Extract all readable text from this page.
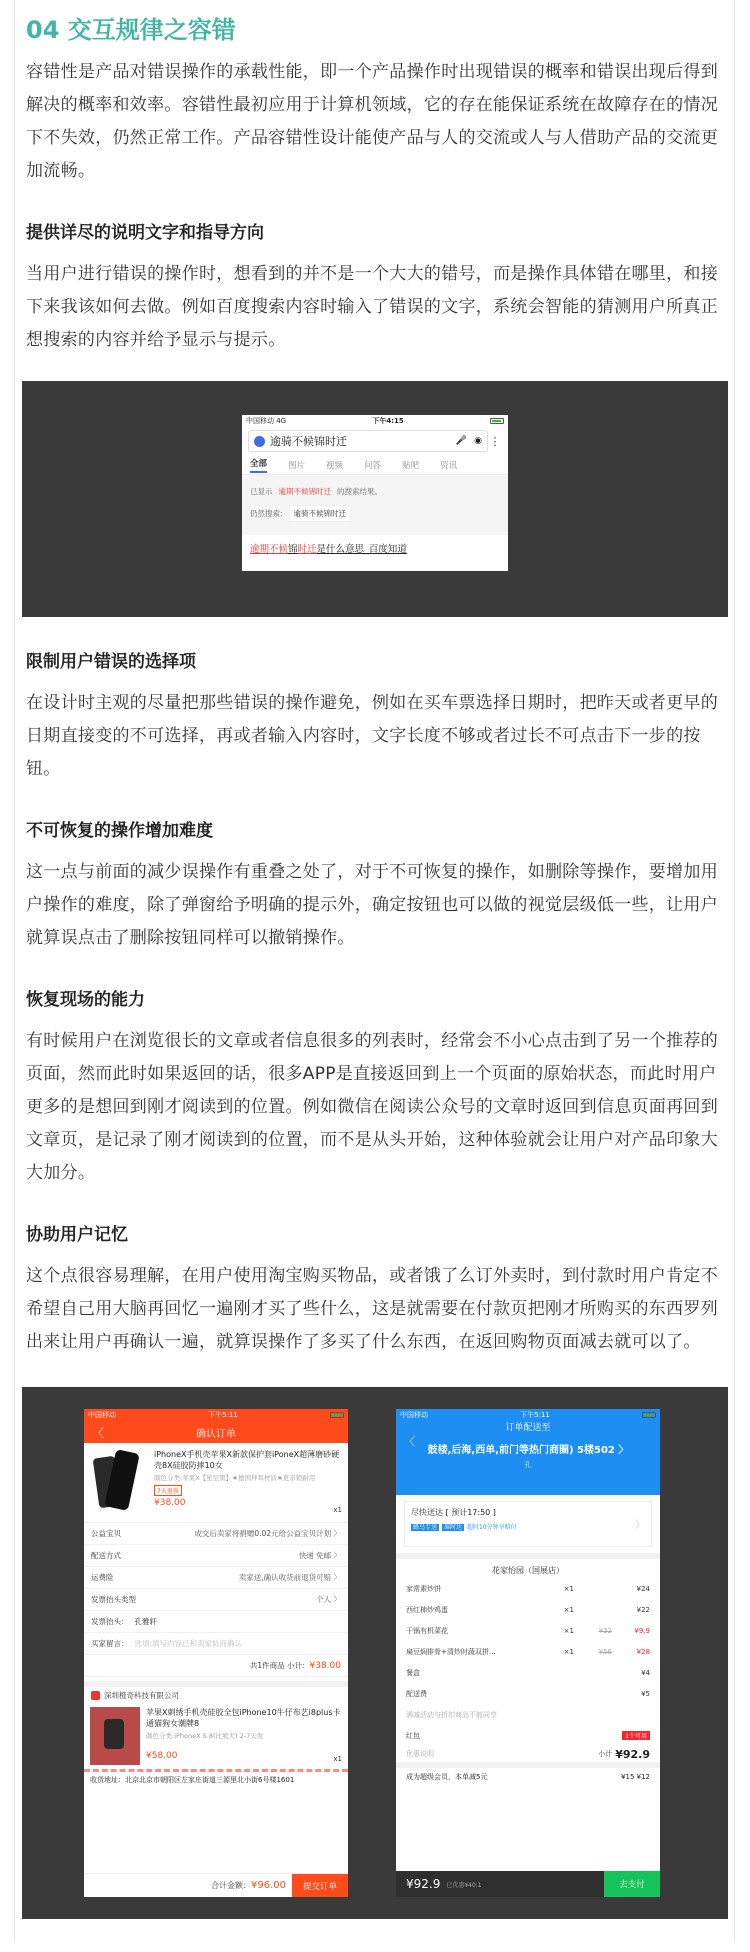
04 交互规律之容错

容错性是产品对错误操作的承载性能，即一个产品操作时出现错误的概率和错误出现后得到解决的概率和效率。容错性最初应用于计算机领域，它的存在能保证系统在故障存在的情况下不失效，仍然正常工作。产品容错性设计能使产品与人的交流或人与人借助产品的交流更加流畅。

提供详尽的说明文字和指导方向

当用户进行错误的操作时，想看到的并不是一个大大的错号，而是操作具体错在哪里，和接下来我该如何去做。例如百度搜索内容时输入了错误的文字，系统会智能的猜测用户所真正想搜索的内容并给予显示与提示。

中国移动 4G	下午4:15
逾骑不候锦时迁	🎤 ◉ ⋮
全部 图片 视频 问答 贴吧 资讯
已显示 逾期不候锦时迁 的搜索结果。
仍然搜索:	逾骑不候锦时迁
逾期不候锦时迁是什么意思_百度知道
限制用户错误的选择项

在设计时主观的尽量把那些错误的操作避免，例如在买车票选择日期时，把昨天或者更早的日期直接变的不可选择，再或者输入内容时，文字长度不够或者过长不可点击下一步的按钮。

不可恢复的操作增加难度

这一点与前面的减少误操作有重叠之处了，对于不可恢复的操作，如删除等操作，要增加用户操作的难度，除了弹窗给予明确的提示外，确定按钮也可以做的视觉层级低一些，让用户就算误点击了删除按钮同样可以撤销操作。

恢复现场的能力

有时候用户在浏览很长的文章或者信息很多的列表时，经常会不小心点击到了另一个推荐的页面，然而此时如果返回的话，很多APP是直接返回到上一个页面的原始状态，而此时用户更多的是想回到刚才阅读到的位置。例如微信在阅读公众号的文章时返回到信息页面再回到文章页，是记录了刚才阅读到的位置，而不是从头开始，这种体验就会让用户对产品印象大大加分。

协助用户记忆

这个点很容易理解，在用户使用淘宝购买物品，或者饿了么订外卖时，到付款时用户肯定不希望自己用大脑再回忆一遍刚才买了些什么，这是就需要在付款页把刚才所购买的东西罗列出来让用户再确认一遍，就算误操作了多买了什么东西，在返回购物页面减去就可以了。

中国移动	下午5:11
〈	确认订单
iPhoneX手机壳苹果X新款保护套iPoneX超薄磨砂硬壳8X硅胶防摔10女
颜色分类:苹果X【星空黑】★德国拜耳材质★更亲锁耐用
7天退换
¥38.00
x1
公益宝贝	成交后卖家将捐赠0.02元给公益宝贝计划 〉
配送方式	快递 免邮 〉
运费险	卖家送,确认收货前退货可赔 〉
发票抬头类型	个人 〉
发票抬头： 孔雅轩
买家留言： 选填:填写内容已和卖家协商确认
共1件商品 小计： ¥38.00
深圳橙奇科技有限公司
苹果X刺绣手机壳硅胶全包iPhone10牛仔布艺i8plus卡通猫狗女潮牌8
颜色分类:iPhoneX 5.8(比熊犬) 2-7天发
¥58.00	x1
收货地址：北京北京市朝阳区左家庄街道三源里北小街6号楼1601
合计金额：¥96.00	提交订单
中国移动	下午5:11
订单配送至
〈
鼓楼,后海,西单,前门等热门商圈) 5楼502 〉
孔
尽快送达 [ 预计17:50 ]
蜂鸟专送 准时达 超时10分钟享赔付	〉
花家怡园（国展店）
家常素炒饼	×1	¥24
西红柿炒鸡蛋	×1	¥22
干锅有机菜花	×1	¥22	¥9.9
扁豆焖排骨+清炒时蔬双拼...	×1	¥56	¥28
餐盒	¥4
配送费	¥5
满减活动与折扣商品不能同享
红包	1个可用
优惠说明	小计 ¥92.9
成为超级会员，本单减5元	¥15 ¥12
¥92.9 已优惠¥40.1	去支付
